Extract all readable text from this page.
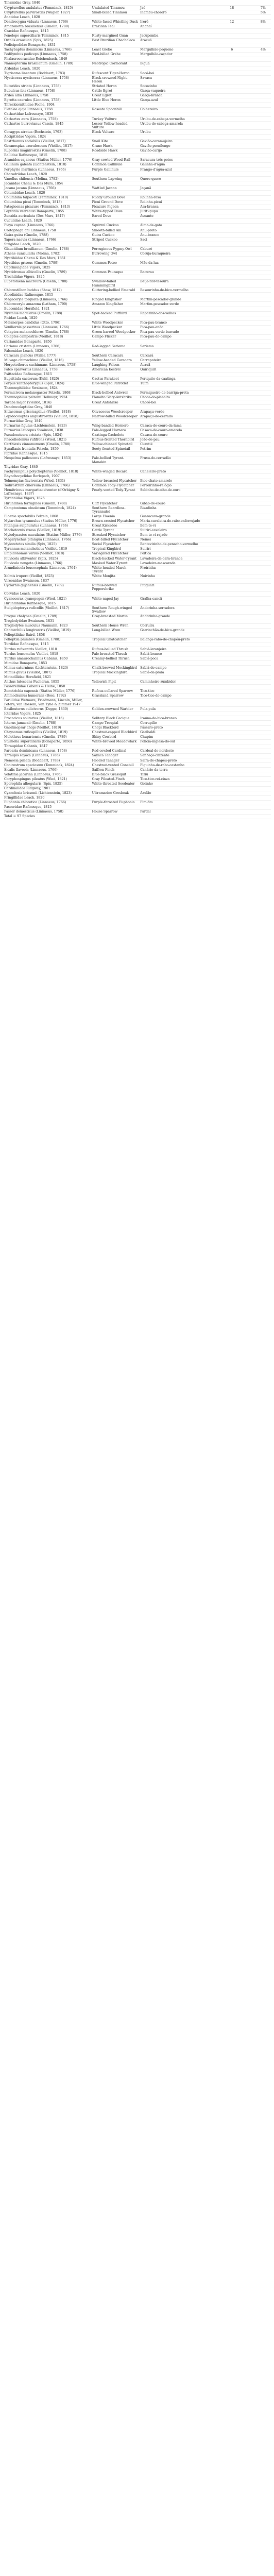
Tinamidae Gray, 1840					
Crypturellus undulatus (Temminck, 1815)	Undulated Tinamou	Jaó	18		7%
Crypturellus parvirostris (Wagler, 1827)	Small-billed Tinamou	Inambu-chororó			5%
Anatidae Leach, 1820					
Dendrocygna viduata (Linnaeus, 1766)	White-faced Whistling-Duck	Irerê	12		8%
Amazonetta brasiliensis (Gmelin, 1789)	Brazilian Teal	Ananaí			
Cracidae Rafinesque, 1815					
Penelope superciliaris Temminck, 1815	Rusty-margined Guan	Jacupemba			
Ortalis araucuan (Spix, 1825)	East Brazilian Chachalaca	Aracuã			
Podicipedidae Bonaparte, 1831					
Tachybaptus dominicus (Linnaeus, 1766)	Least Grebe	Mergulhão-pequeno	6		4%
Podilymbus podiceps (Linnaeus, 1758)	Pied-billed Grebe	Mergulhão-caçador			
Phalacrocoracidae Reichenbach, 1849					
Nannopterum brasilianum (Gmelin, 1789)	Neotropic Cormorant	Biguá			
Ardeidae Leach, 1820					
Tigrisoma lineatum (Boddaert, 1783)	Rufescent Tiger-Heron	Socó-boi			
Nycticorax nycticorax (Linnaeus, 1758)	Black-crowned Night-Heron	Savacu			
Butorides striata (Linnaeus, 1758)	Striated Heron	Socozinho			
Bubulcus ibis (Linnaeus, 1758)	Cattle Egret	Garça-vaqueira			
Ardea alba Linnaeus, 1758	Great Egret	Garça-branca			
Egretta caerulea (Linnaeus, 1758)	Little Blue Heron	Garça-azul			
Threskiornithidae Poche, 1904					
Platalea ajaja Linnaeus, 1758	Roseate Spoonbill	Colhereiro			
Cathartidae Lafresnaye, 1839					
Cathartes aura (Linnaeus, 1758)	Turkey Vulture	Urubu-de-cabeça-vermelha			
Cathartes burrovianus Cassin, 1845	Lesser Yellow-headed Vulture	Urubu-de-cabeça-amarela			
Coragyps atratus (Bechstein, 1793)	Black Vulture	Urubu			
Accipitridae Vigors, 1824					
Rostrhamus sociabilis (Vieillot, 1817)	Snail Kite	Gavião-caramujeiro			
Geranospiza caerulescens (Vieillot, 1817)	Crane Hawk	Gavião-pernilongo			
Rupornis magnirostris (Gmelin, 1788)	Roadside Hawk	Gavião-carijó			
Rallidae Rafinesque, 1815					
Aramides cajaneus (Statius Müller, 1776)	Gray-cowled Wood-Rail	Saracura-três-potes			
Gallinula galeata (Lichtenstein, 1818)	Common Gallinule	Galinha-d'água			
Porphyrio martinica (Linnaeus, 1766)	Purple Gallinule	Frango-d'água-azul			
Charadriidae Leach, 1820					
Vanellus chilensis (Molina, 1782)	Southern Lapwing	Quero-quero			
Jacanidae Chenu & Des Murs, 1854					
Jacana jacana (Linnaeus, 1766)	Wattled Jacana	Jaçanã			
Columbidae Leach, 1820					
Columbina talpacoti (Temminck, 1810)	Ruddy Ground Dove	Rolinha-roxa			
Columbina picui (Temminck, 1813)	Picui Ground Dove	Rolinha-picuí			
Patagioenas picazuro (Temminck, 1813)	Picazuro Pigeon	Asa-branca			
Leptotila verreauxi Bonaparte, 1855	White-tipped Dove	Juriti-pupu			
Zenaida auriculata (Des Murs, 1847)	Eared Dove	Avoante			
Cuculidae Leach, 1820					
Piaya cayana (Linnaeus, 1766)	Squirrel Cuckoo	Alma-de-gato			
Crotophaga ani Linnaeus, 1758	Smooth-billed Ani	Anu-preto			
Guira guira (Gmelin, 1788)	Guira Cuckoo	Anu-branco			
Tapera naevia (Linnaeus, 1766)	Striped Cuckoo	Saci			
Strigidae Leach, 1820					
Glaucidium brasilianum (Gmelin, 1788)	Ferruginous Pygmy-Owl	Caburé			
Athene cunicularia (Molina, 1782)	Burrowing Owl	Coruja-buraqueira			
Nyctibiidae Chenu & Des Murs, 1851					
Nyctibius griseus (Gmelin, 1789)	Common Potoo	Mãe-da-lua			
Caprimulgidae Vigors, 1825					
Nyctidromus albicollis (Gmelin, 1789)	Common Pauraque	Bacurau			
Trochilidae Vigors, 1825					
Eupetomena macroura (Gmelin, 1788)	Swallow-tailed Hummingbird	Beija-flor-tesoura			
Chlorostilbon lucidus (Shaw, 1812)	Glittering-bellied Emerald	Besourinho-de-bico-vermelho			
Alcedinidae Rafinesque, 1815					
Megaceryle torquata (Linnaeus, 1766)	Ringed Kingfisher	Martim-pescador-grande			
Chloroceryle amazona (Latham, 1790)	Amazon Kingfisher	Martim-pescador-verde			
Bucconidae Horsfield, 1821					
Nystalus maculatus (Gmelin, 1788)	Spot-backed Puffbird	Rapazinho-dos-velhos			
Picidae Leach, 1820					
Melanerpes candidus (Otto, 1796)	White Woodpecker	Pica-pau-branco			
Veniliornis passerinus (Linnaeus, 1766)	Little Woodpecker	Pica-pau-anão			
Colaptes melanochloros (Gmelin, 1788)	Green-barred Woodpecker	Pica-pau-verde-barrado			
Colaptes campestris (Vieillot, 1818)	Campo Flicker	Pica-pau-do-campo			
Cariamidae Bonaparte, 1850					
Cariama cristata (Linnaeus, 1766)	Red-legged Seriema	Seriema			
Falconidae Leach, 1820					
Caracara plancus (Miller, 1777)	Southern Caracara	Carcará			
Milvago chimachima (Vieillot, 1816)	Yellow-headed Caracara	Carrapateiro			
Herpetotheres cachinnans (Linnaeus, 1758)	Laughing Falcon	Acauã			
Falco sparverius Linnaeus, 1758	American Kestrel	Quiriquiri			
Psittacidae Rafinesque, 1815					
Eupsittula cactorum (Kuhl, 1820)	Cactus Parakeet	Periquito-da-caatinga			
Forpus xanthopterygius (Spix, 1824)	Blue-winged Parrotlet	Tuim			
Thamnophilidae Swainson, 1824					
Formicivora melanogaster Pelzeln, 1868	Black-bellied Antwren	Formigueiro-de-barriga-preta			
Thamnophilus pelzelni Hellmayr, 1924	Planalto Slaty-Antshrike	Choca-do-planalto			
Taraba major (Vieillot, 1816)	Great Antshrike	Choró-boi			
Dendrocolaptidae Gray, 1840					
Sittasomus griseicapillus (Vieillot, 1818)	Olivaceous Woodcreeper	Arapaçu-verde			
Lepidocolaptes angustirostris (Vieillot, 1818)	Narrow-billed Woodcreeper	Arapaçu-de-cerrado			
Furnariidae Gray, 1840					
Furnarius figulus (Lichtenstein, 1823)	Wing-banded Hornero	Casaca-de-couro-da-lama			
Furnarius leucopus Swainson, 1838	Pale-legged Hornero	Casaca-de-couro-amarelo			
Pseudoseisura cristata (Spix, 1824)	Caatinga Cacholote	Casaca-de-couro			
Phacellodomus rufifrons (Wied, 1821)	Rufous-fronted Thornbird	João-de-pau			
Certhiaxis cinnamomeus (Gmelin, 1788)	Yellow-chinned Spinetail	Curutié			
Synallaxis frontalis Pelzeln, 1859	Sooty-fronted Spinetail	Petrim			
Pipridae Rafinesque, 1815					
Neopelma pallescens (Lafresnaye, 1853)	Pale-bellied Tyrant-Manakin	Fruxu-do-cerradão			
Tityridae Gray, 1840					
Pachyramphus polychopterus (Vieillot, 1818)	White-winged Becard	Caneleiro-preto			
Rhynchocyclidae Berlepsch, 1907					
Tolmomyias flaviventris (Wied, 1831)	Yellow-breasted Flycatcher	Bico-chato-amarelo			
Todirostrum cinereum (Linnaeus, 1766)	Common Tody-Flycatcher	Ferreirinho-relógio			
Hemitriccus margaritaceiventer (d'Orbigny & Lafresnaye, 1837)	Pearly-vented Tody-Tyrant	Sebinho-de-olho-de-ouro			
Tyrannidae Vigors, 1825					
Hirundinea ferruginea (Gmelin, 1788)	Cliff Flycatcher	Gibão-de-couro			
Camptostoma obsoletum (Temminck, 1824)	Southern Beardless-Tyrannulet	Risadinha			
Elaenia spectabilis Pelzeln, 1868	Large Elaenia	Guaracava-grande			
Myiarchus tyrannulus (Statius Müller, 1776)	Brown-crested Flycatcher	Maria-cavaleira-de-rabo-enferrujado			
Pitangus sulphuratus (Linnaeus, 1766)	Great Kiskadee	Bem-te-vi			
Machetornis rixosa (Vieillot, 1819)	Cattle Tyrant	Suiriri-cavaleiro			
Myiodynastes maculatus (Statius Müller, 1776)	Streaked Flycatcher	Bem-te-vi-rajado			
Megarynchus pitangua (Linnaeus, 1766)	Boat-billed Flycatcher	Neinei			
Myiozetetes similis (Spix, 1825)	Social Flycatcher	Bentevizinho-de-penacho-vermelho			
Tyrannus melancholicus Vieillot, 1819	Tropical Kingbird	Suiriri			
Empidonomus varius (Vieillot, 1818)	Variegated Flycatcher	Peitica			
Fluvicola albiventer (Spix, 1825)	Black-backed Water-Tyrant	Lavadeira-de-cara-branca			
Fluvicola nengeta (Linnaeus, 1766)	Masked Water-Tyrant	Lavadeira-mascarada			
Arundinicola leucocephala (Linnaeus, 1764)	White-headed Marsh Tyrant	Freirinha			
Xolmis irupero (Vieillot, 1823)	White Monjita	Noivinha			
Vireonidae Swainson, 1837					
Cyclarhis gujanensis (Gmelin, 1789)	Rufous-browed Peppershrike	Pitiguari			
Corvidae Leach, 1820					
Cyanocorax cyanopogon (Wied, 1821)	White-naped Jay	Gralha-cancã			
Hirundinidae Rafinesque, 1815					
Stelgidopteryx ruficollis (Vieillot, 1817)	Southern Rough-winged Swallow	Andorinha-serradora			
Progne chalybea (Gmelin, 1789)	Gray-breasted Martin	Andorinha-grande			
Troglodytidae Swainson, 1831					
Troglodytes musculus Naumann, 1823	Southern House Wren	Corruíra			
Cantorchilus longirostris (Vieillot, 1819)	Long-billed Wren	Garrinchão-de-bico-grande			
Polioptilidae Baird, 1858					
Polioptila plumbea (Gmelin, 1788)	Tropical Gnatcatcher	Balança-rabo-de-chapéu-preto			
Turdidae Rafinesque, 1815					
Turdus rufiventris Vieillot, 1818	Rufous-bellied Thrush	Sabiá-laranjeira			
Turdus leucomelas Vieillot, 1818	Pale-breasted Thrush	Sabiá-branco			
Turdus amaurochalinus Cabanis, 1850	Creamy-bellied Thrush	Sabiá-poca			
Mimidae Bonaparte, 1853					
Mimus saturninus (Lichtenstein, 1823)	Chalk-browed Mockingbird	Sabiá-do-campo			
Mimus gilvus (Vieillot, 1807)	Tropical Mockingbird	Sabiá-da-praia			
Motacillidae Horsfield, 1821					
Anthus lutescens Pucheran, 1855	Yellowish Pipit	Caminheiro-zumbidor			
Passerellidae Cabanis & Heine, 1850					
Zonotrichia capensis (Statius Müller, 1776)	Rufous-collared Sparrow	Tico-tico			
Ammodramus humeralis (Bosc, 1792)	Grassland Sparrow	Tico-tico-do-campo			
Parulidae Wetmore, Friedmann, Lincoln, Miller, Peters, van Rossem, Van Tyne & Zimmer 1947					
Basileuterus culicivorus (Deppe, 1830)	Golden-crowned Warbler	Pula-pula			
Icteridae Vigors, 1825					
Procacicus solitarius (Vieillot, 1816)	Solitary Black Cacique	Iraúna-de-bico-branco			
Icterus jamacaii (Gmelin, 1788)	Campo Troupial	Corrupião			
Gnorimopsar chopi (Vieillot, 1819)	Chopi Blackbird	Pássaro-preto			
Chrysomus ruficapillus (Vieillot, 1819)	Chestnut-capped Blackbird	Garibaldi			
Molothrus bonariensis (Gmelin, 1789)	Shiny Cowbird	Chupim			
Sturnella superciliaris (Bonaparte, 1850)	White-browed Meadowlark	Polícia-inglesa-do-sul			
Thraupidae Cabanis, 1847					
Paroaria dominicana (Linnaeus, 1758)	Red-cowled Cardinal	Cardeal-do-nordeste			
Thraupis sayaca (Linnaeus, 1766)	Sayaca Tanager	Sanhaço-cinzento			
Nemosia pileata (Boddaert, 1783)	Hooded Tanager	Saíra-de-chapéu-preto			
Conirostrum speciosum (Temminck, 1824)	Chestnut-vented Conebill	Figuinha-de-rabo-castanho			
Sicalis flaveola (Linnaeus, 1766)	Saffron Finch	Canário-da-terra			
Volatinia jacarina (Linnaeus, 1766)	Blue-black Grassquit	Tiziu			
Coryphospingus pileatus (Wied, 1821)	Gray Pileated-Finch	Tico-tico-rei-cinza			
Sporophila albogularis (Spix, 1825)	White-throated Seedeater	Golinho			
Cardinalidae Ridgway, 1901					
Cyanoloxia brissonii (Lichtenstein, 1823)	Ultramarine Grosbeak	Azulão			
Fringillidae Leach, 1820					
Euphonia chlorotica (Linnaeus, 1766)	Purple-throated Euphonia	Fim-fim			
Passeridae Rafinesque, 1815					
Passer domesticus (Linnaeus, 1758)	House Sparrow	Pardal			
Total = 97 Species					
